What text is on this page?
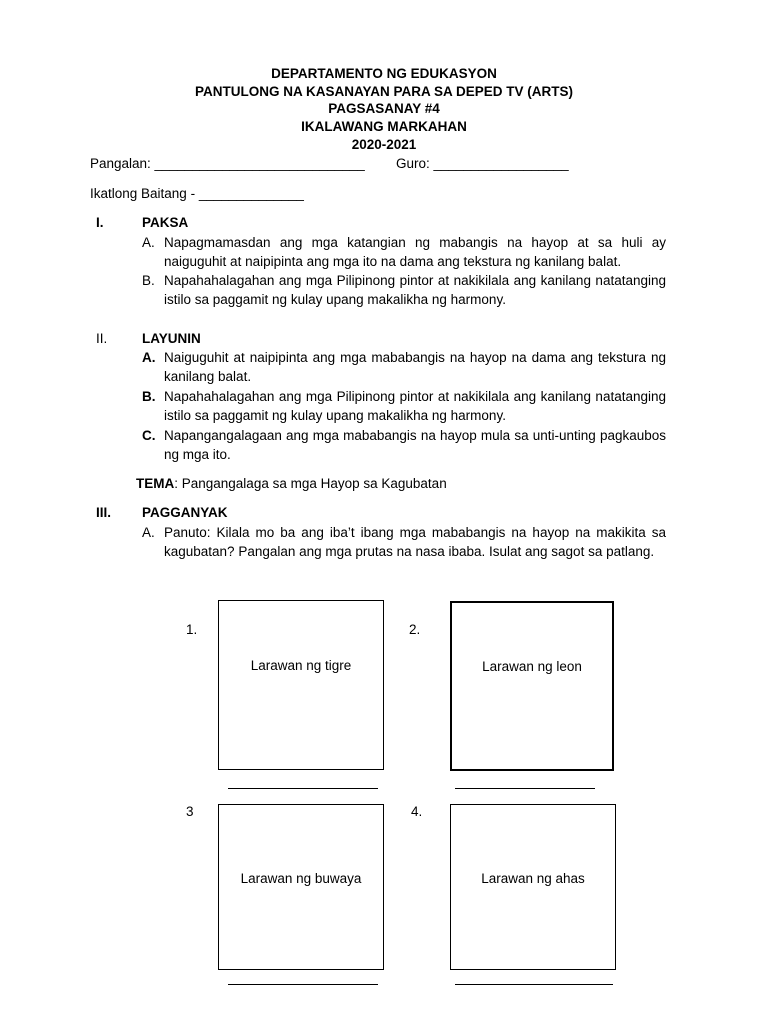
DEPARTAMENTO NG EDUKASYON
PANTULONG NA KASANAYAN PARA SA DEPED TV (ARTS)
PAGSASANAY #4
IKALAWANG MARKAHAN
2020-2021
Pangalan: ____________________________ Guro: __________________
Ikatlong Baitang - ______________
I.	PAKSA
A. Napagmamasdan ang mga katangian ng mabangis na hayop at sa huli ay naiguguhit at naipipinta ang mga ito na dama ang tekstura ng kanilang balat.
B. Napahahalagahan ang mga Pilipinong pintor at nakikilala ang kanilang natatanging istilo sa paggamit ng kulay upang makalikha ng harmony.
II.	LAYUNIN
A. Naiguguhit at naipipinta ang mga mababangis na hayop na dama ang tekstura ng kanilang balat.
B. Napahahalagahan ang mga Pilipinong pintor at nakikilala ang kanilang natatanging istilo sa paggamit ng kulay upang makalikha ng harmony.
C. Napangangalagaan ang mga mababangis na hayop mula sa unti-unting pagkaubos ng mga ito.
TEMA: Pangangalaga sa mga Hayop sa Kagubatan
III. PAGGANYAK
A. Panuto: Kilala mo ba ang iba’t ibang mga mababangis na hayop na makikita sa kagubatan? Pangalan ang mga prutas na nasa ibaba. Isulat ang sagot sa patlang.
1.
Larawan ng tigre
2.
Larawan ng leon
3
Larawan ng buwaya
4.
Larawan ng ahas
